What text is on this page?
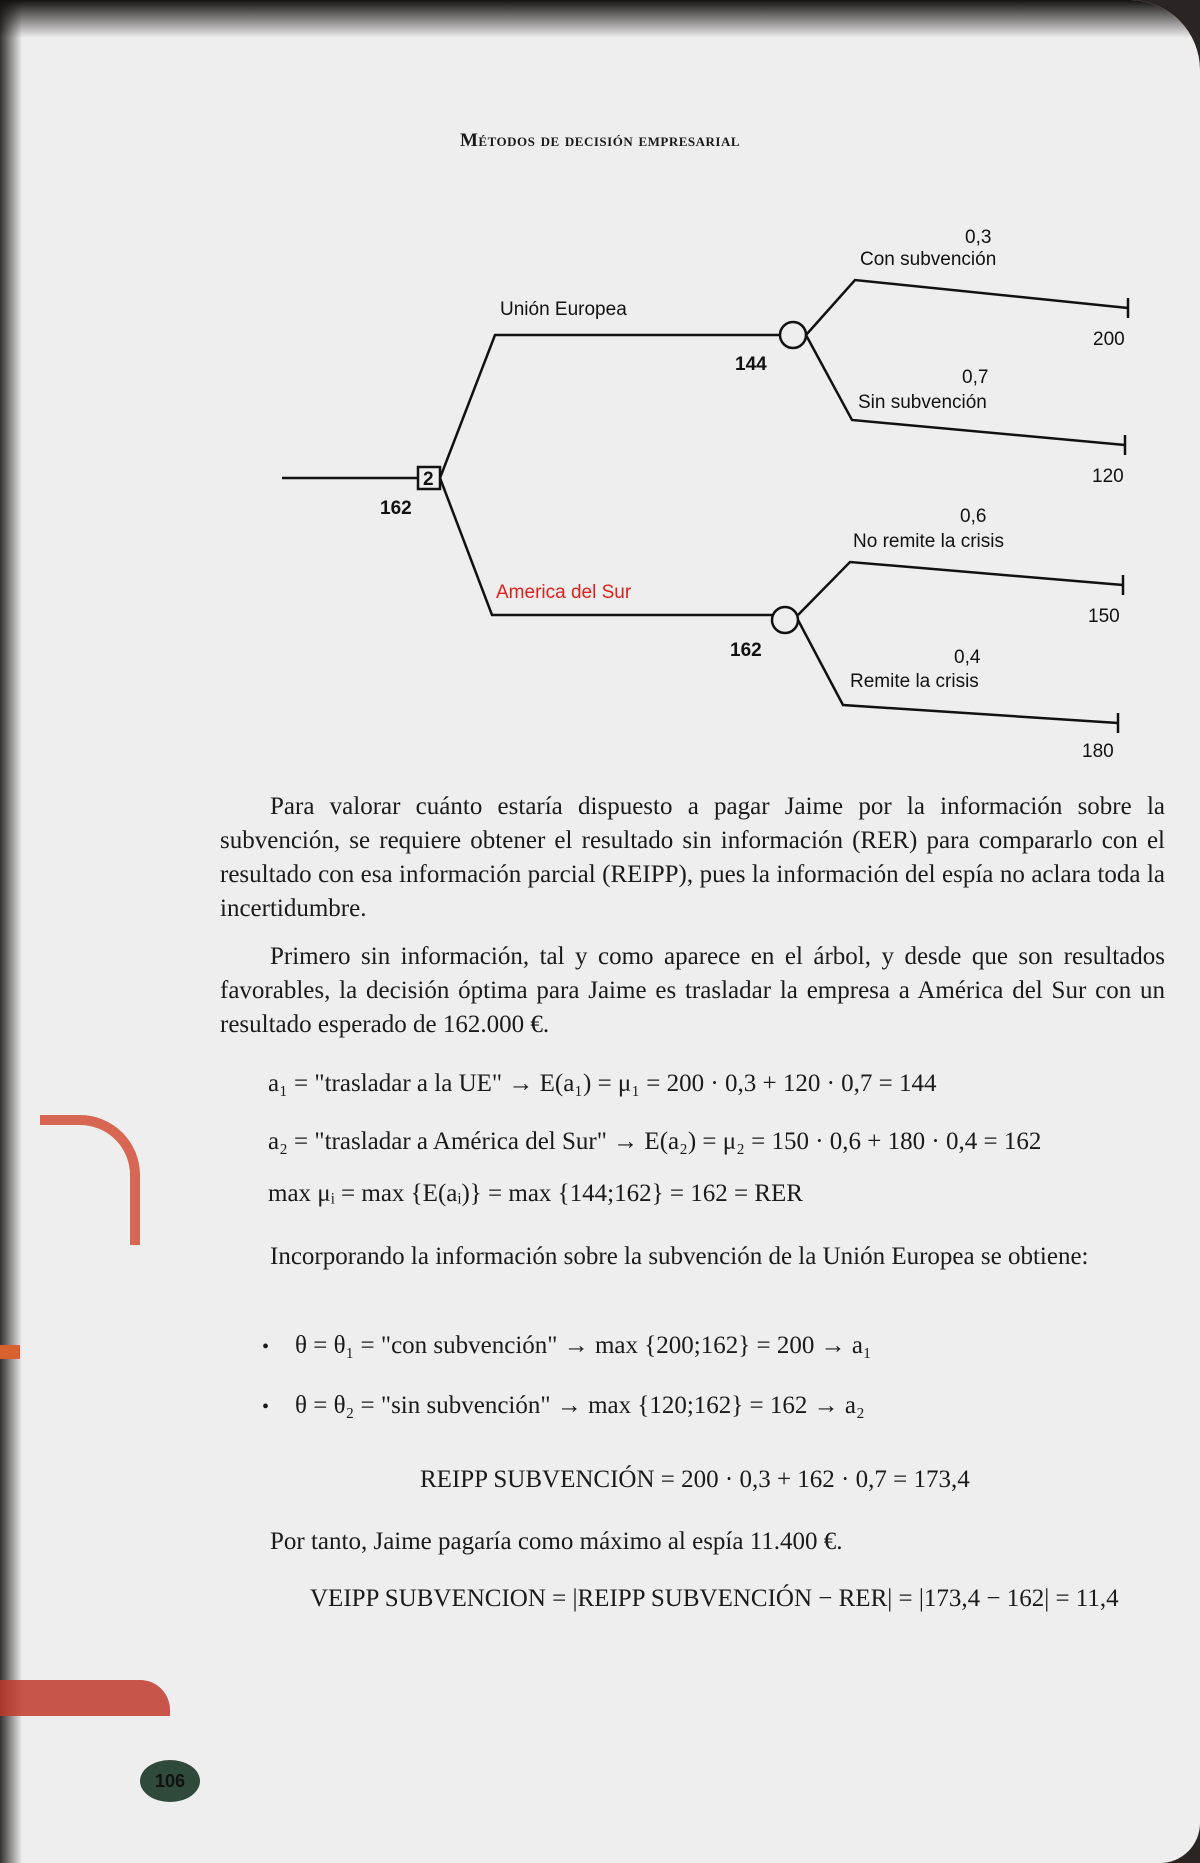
Métodos de decisión empresarial
2
162
Unión Europea
America del Sur
144
162
0,3
Con subvención
200
0,7
Sin subvención
120
0,6
No remite la crisis
150
0,4
Remite la crisis
180
Para valorar cuánto estaría dispuesto a pagar Jaime por la información sobre la subvención, se requiere obtener el resultado sin información (RER) para compararlo con el resultado con esa información parcial (REIPP), pues la información del espía no aclara toda la incertidumbre.
Primero sin información, tal y como aparece en el árbol, y desde que son resultados favorables, la decisión óptima para Jaime es trasladar la empresa a América del Sur con un resultado esperado de 162.000 €.
a₁ = "trasladar a la UE" → E(a₁) = μ₁ = 200 · 0,3 + 120 · 0,7 = 144
a₂ = "trasladar a América del Sur" → E(a₂) = μ₂ = 150 · 0,6 + 180 · 0,4 = 162
max μᵢ = max {E(aᵢ)} = max {144;162} = 162 = RER
Incorporando la información sobre la subvención de la Unión Europea se obtiene:
• θ = θ₁ = "con subvención" → max {200;162} = 200 → a₁
• θ = θ₂ = "sin subvención" → max {120;162} = 162 → a₂
REIPP SUBVENCIÓN = 200 · 0,3 + 162 · 0,7 = 173,4
Por tanto, Jaime pagaría como máximo al espía 11.400 €.
VEIPP SUBVENCION = |REIPP SUBVENCIÓN − RER| = |173,4 − 162| = 11,4
106
